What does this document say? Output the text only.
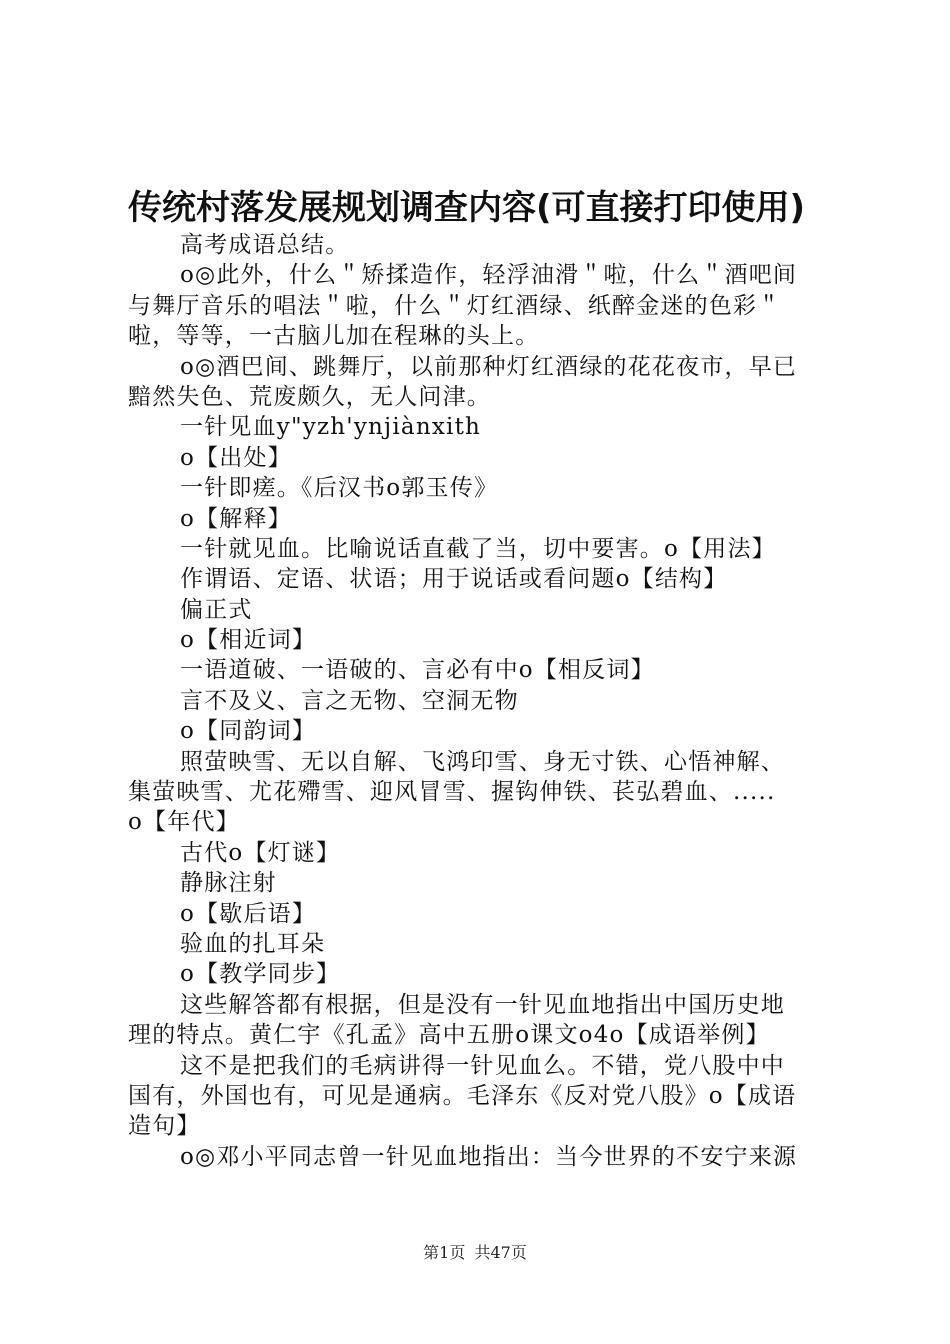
传统村落发展规划调查内容(可直接打印使用)
高考成语总结。
o◎此外，什么＂矫揉造作，轻浮油滑＂啦，什么＂酒吧间
与舞厅音乐的唱法＂啦，什么＂灯红酒绿、纸醉金迷的色彩＂
啦，等等，一古脑儿加在程琳的头上。
o◎酒巴间、跳舞厅，以前那种灯红酒绿的花花夜市，早已
黯然失色、荒废颇久，无人问津。
一针见血y"yzh'ynjiànxith
o【出处】
一针即瘥。《后汉书o郭玉传》
o【解释】
一针就见血。比喻说话直截了当，切中要害。o【用法】
作谓语、定语、状语；用于说话或看问题o【结构】
偏正式
o【相近词】
一语道破、一语破的、言必有中o【相反词】
言不及义、言之无物、空洞无物
o【同韵词】
照萤映雪、无以自解、飞鸿印雪、身无寸铁、心悟神解、
集萤映雪、尤花殢雪、迎风冒雪、握钩伸铁、苌弘碧血、.....
o【年代】
古代o【灯谜】
静脉注射
o【歇后语】
验血的扎耳朵
o【教学同步】
这些解答都有根据，但是没有一针见血地指出中国历史地
理的特点。黄仁宇《孔孟》高中五册o课文o4o【成语举例】
这不是把我们的毛病讲得一针见血么。不错，党八股中中
国有，外国也有，可见是通病。毛泽东《反对党八股》o【成语
造句】
o◎邓小平同志曾一针见血地指出：当今世界的不安宁来源
第1页 共47页
